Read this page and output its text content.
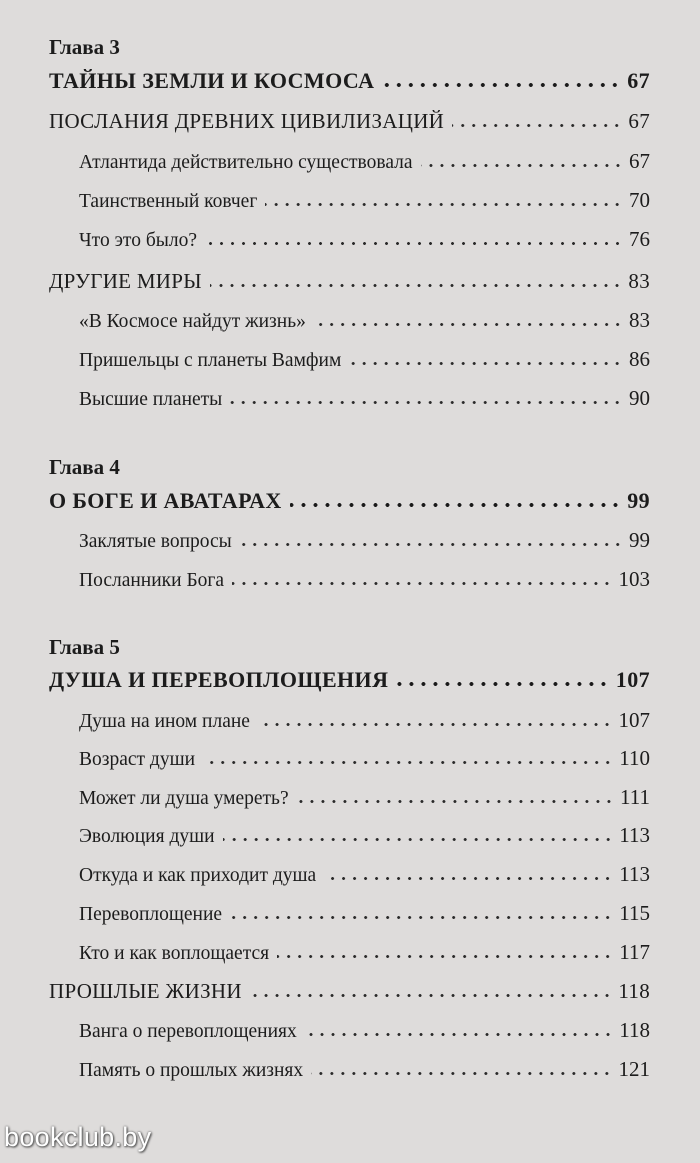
Глава 3
ТАЙНЫ ЗЕМЛИ И КОСМОСА	67
ПОСЛАНИЯ ДРЕВНИХ ЦИВИЛИЗАЦИЙ	67
Атлантида действительно существовала	67
Таинственный ковчег	70
Что это было?	76
ДРУГИЕ МИРЫ	83
«В Космосе найдут жизнь»	83
Пришельцы с планеты Вамфим	86
Высшие планеты	90
Глава 4
О БОГЕ И АВАТАРАХ	99
Заклятые вопросы	99
Посланники Бога	103
Глава 5
ДУША И ПЕРЕВОПЛОЩЕНИЯ	107
Душа на ином плане	107
Возраст души	110
Может ли душа умереть?	111
Эволюция души	113
Откуда и как приходит душа	113
Перевоплощение	115
Кто и как воплощается	117
ПРОШЛЫЕ ЖИЗНИ	118
Ванга о перевоплощениях	118
Память о прошлых жизнях	121
bookclub.by
